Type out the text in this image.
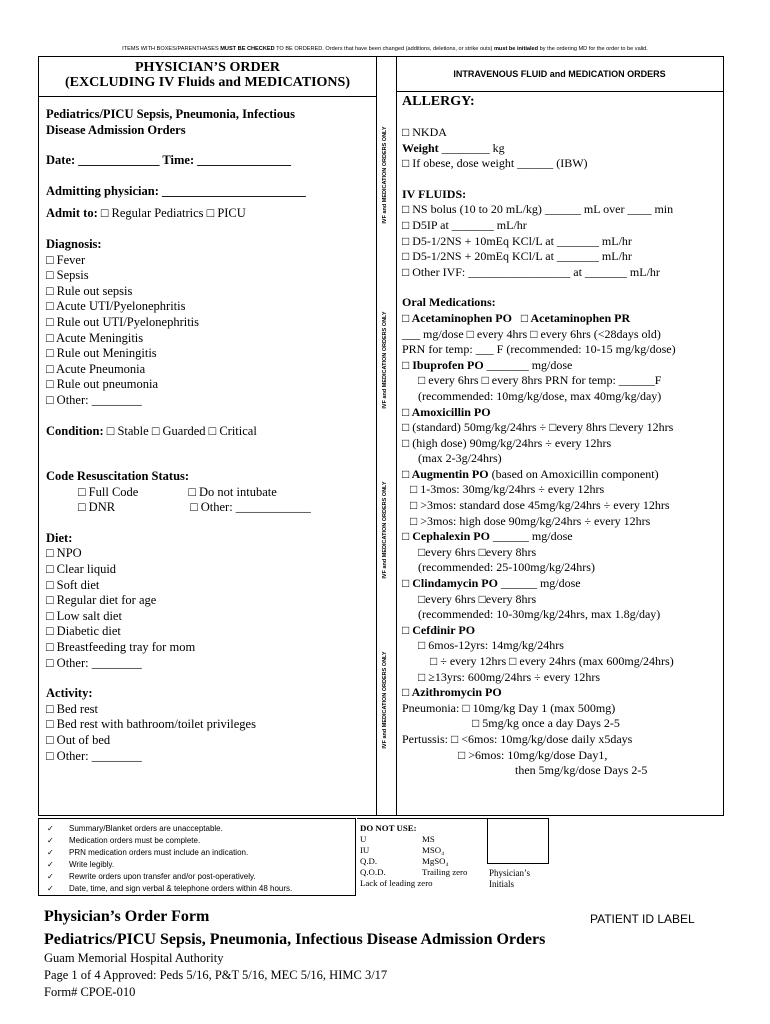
ITEMS WITH BOXES/PARENTHASES MUST BE CHECKED TO BE ORDERED. Orders that have been changed (additions, deletions, or strike outs) must be initialed by the ordering MD for the order to be valid.
PHYSICIAN’S ORDER
(EXCLUDING IV Fluids and MEDICATIONS)
INTRAVENOUS FLUID and MEDICATION ORDERS
IVF and MEDICATION ORDERS ONLY
IVF and MEDICATION ORDERS ONLY
IVF and MEDICATION ORDERS ONLY
IVF and MEDICATION ORDERS ONLY
Pediatrics/PICU Sepsis, Pneumonia, Infectious
Disease Admission Orders
Date: _____________ Time: _______________
Admitting physician: _______________________
Admit to: □ Regular Pediatrics □ PICU
Diagnosis:
□ Fever
□ Sepsis
□ Rule out sepsis
□ Acute UTI/Pyelonephritis
□ Rule out UTI/Pyelonephritis
□ Acute Meningitis
□ Rule out Meningitis
□ Acute Pneumonia
□ Rule out pneumonia
□ Other: ________
Condition: □ Stable □ Guarded □ Critical
Code Resuscitation Status:
□ Full Code                □ Do not intubate
□ DNR                        □ Other: ____________
Diet:
□ NPO
□ Clear liquid
□ Soft diet
□ Regular diet for age
□ Low salt diet
□ Diabetic diet
□ Breastfeeding tray for mom
□ Other: ________
Activity:
□ Bed rest
□ Bed rest with bathroom/toilet privileges
□ Out of bed
□ Other: ________
ALLERGY:
□ NKDA
Weight ________ kg
□ If obese, dose weight ______ (IBW)
IV FLUIDS:
□ NS bolus (10 to 20 mL/kg) ______ mL over ____ min
□ D5IP at _______ mL/hr
□ D5-1/2NS + 10mEq KCl/L at _______ mL/hr
□ D5-1/2NS + 20mEq KCl/L at _______ mL/hr
□ Other IVF: _________________ at _______ mL/hr
Oral Medications:
□ Acetaminophen PO □ Acetaminophen PR
___ mg/dose □ every 4hrs □ every 6hrs (<28days old)
PRN for temp: ___ F (recommended: 10-15 mg/kg/dose)
□ Ibuprofen PO _______ mg/dose
□ every 6hrs □ every 8hrs PRN for temp: ______F
(recommended: 10mg/kg/dose, max 40mg/kg/day)
□ Amoxicillin PO
□ (standard) 50mg/kg/24hrs ÷ □every 8hrs □every 12hrs
□ (high dose) 90mg/kg/24hrs ÷ every 12hrs
(max 2-3g/24hrs)
□ Augmentin PO (based on Amoxicillin component)
□ 1-3mos: 30mg/kg/24hrs ÷ every 12hrs
□ >3mos: standard dose 45mg/kg/24hrs ÷ every 12hrs
□ >3mos: high dose 90mg/kg/24hrs ÷ every 12hrs
□ Cephalexin PO ______ mg/dose
□every 6hrs □every 8hrs
(recommended: 25-100mg/kg/24hrs)
□ Clindamycin PO ______ mg/dose
□every 6hrs □every 8hrs
(recommended: 10-30mg/kg/24hrs, max 1.8g/day)
□ Cefdinir PO
□ 6mos-12yrs: 14mg/kg/24hrs
□ ÷ every 12hrs □ every 24hrs (max 600mg/24hrs)
□ ≥13yrs: 600mg/24hrs ÷ every 12hrs
□ Azithromycin PO
Pneumonia: □ 10mg/kg Day 1 (max 500mg)
□ 5mg/kg once a day Days 2-5
Pertussis: □ <6mos: 10mg/kg/dose daily x5days
□ >6mos: 10mg/kg/dose Day1,
then 5mg/kg/dose Days 2-5
✓ Summary/Blanket orders are unacceptable.
✓ Medication orders must be complete.
✓ PRN medication orders must include an indication.
✓ Write legibly.
✓ Rewrite orders upon transfer and/or post-operatively.
✓ Date, time, and sign verbal & telephone orders within 48 hours.
DO NOT USE:
U	MS
IU	MSO₄
Q.D.	MgSO₄
Q.O.D.	Trailing zero
Lack of leading zero
Physician’s
Initials
Physician’s Order Form	PATIENT ID LABEL
Pediatrics/PICU Sepsis, Pneumonia, Infectious Disease Admission Orders
Guam Memorial Hospital Authority
Page 1 of 4 Approved: Peds 5/16, P&T 5/16, MEC 5/16, HIMC 3/17
Form# CPOE-010
